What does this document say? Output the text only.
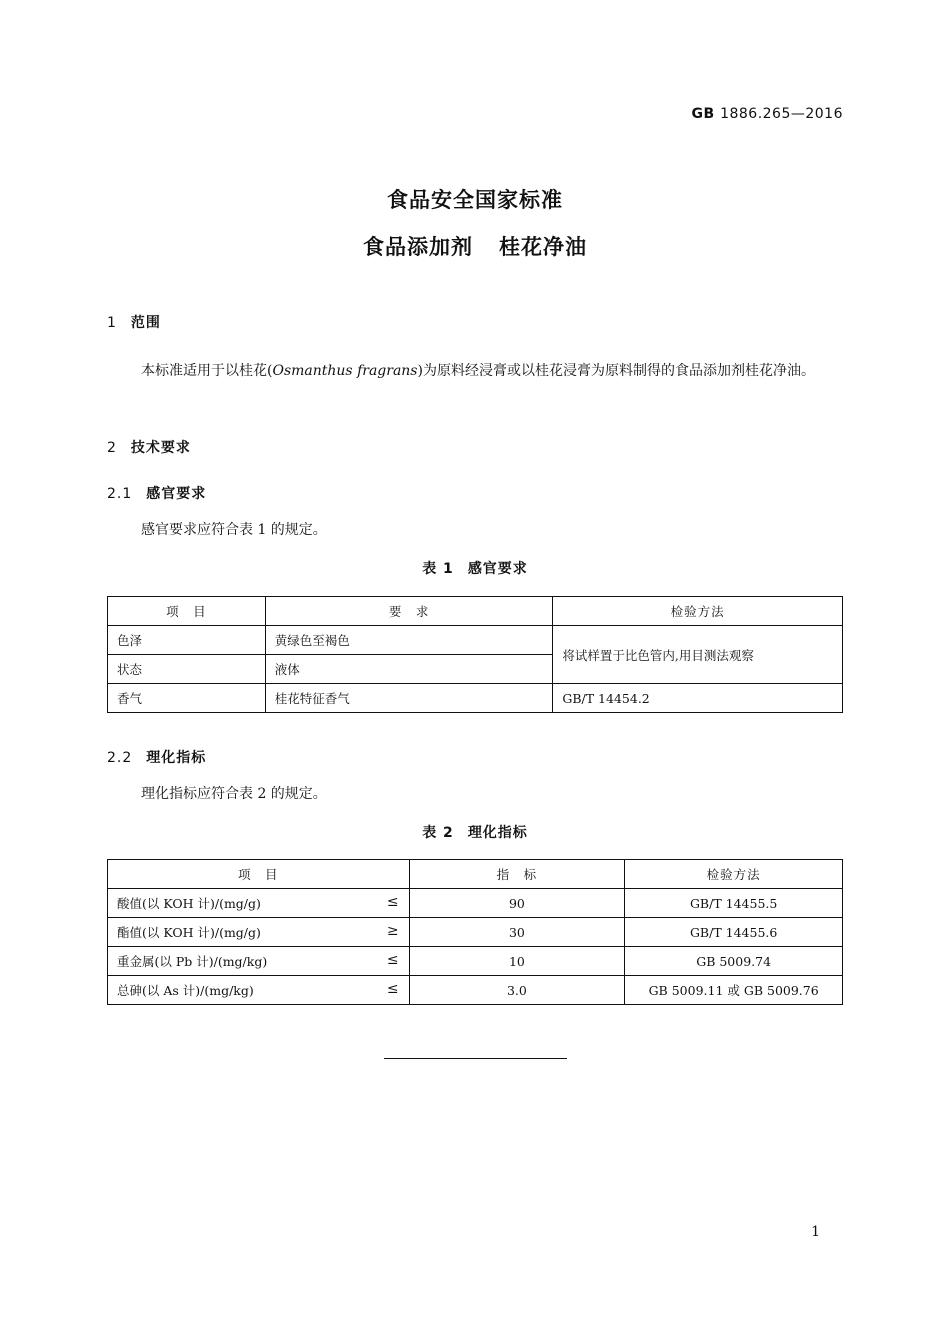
GB 1886.265—2016
食品安全国家标准
食品添加剂 桂花净油
1 范围
本标准适用于以桂花(Osmanthus fragrans)为原料经浸膏或以桂花浸膏为原料制得的食品添加剂桂花净油。
2 技术要求
2.1 感官要求
感官要求应符合表 1 的规定。
表 1 感官要求
项　目	要　求	检验方法
色泽	黄绿色至褐色	将试样置于比色管内,用目测法观察
状态	液体	
香气	桂花特征香气	GB/T 14454.2
2.2 理化指标
理化指标应符合表 2 的规定。
表 2 理化指标
项　目	指　标	检验方法
酸值(以 KOH 计)/(mg/g) ≤	90	GB/T 14455.5
酯值(以 KOH 计)/(mg/g) ≥	30	GB/T 14455.6
重金属(以 Pb 计)/(mg/kg) ≤	10	GB 5009.74
总砷(以 As 计)/(mg/kg) ≤	3.0	GB 5009.11 或 GB 5009.76
1
